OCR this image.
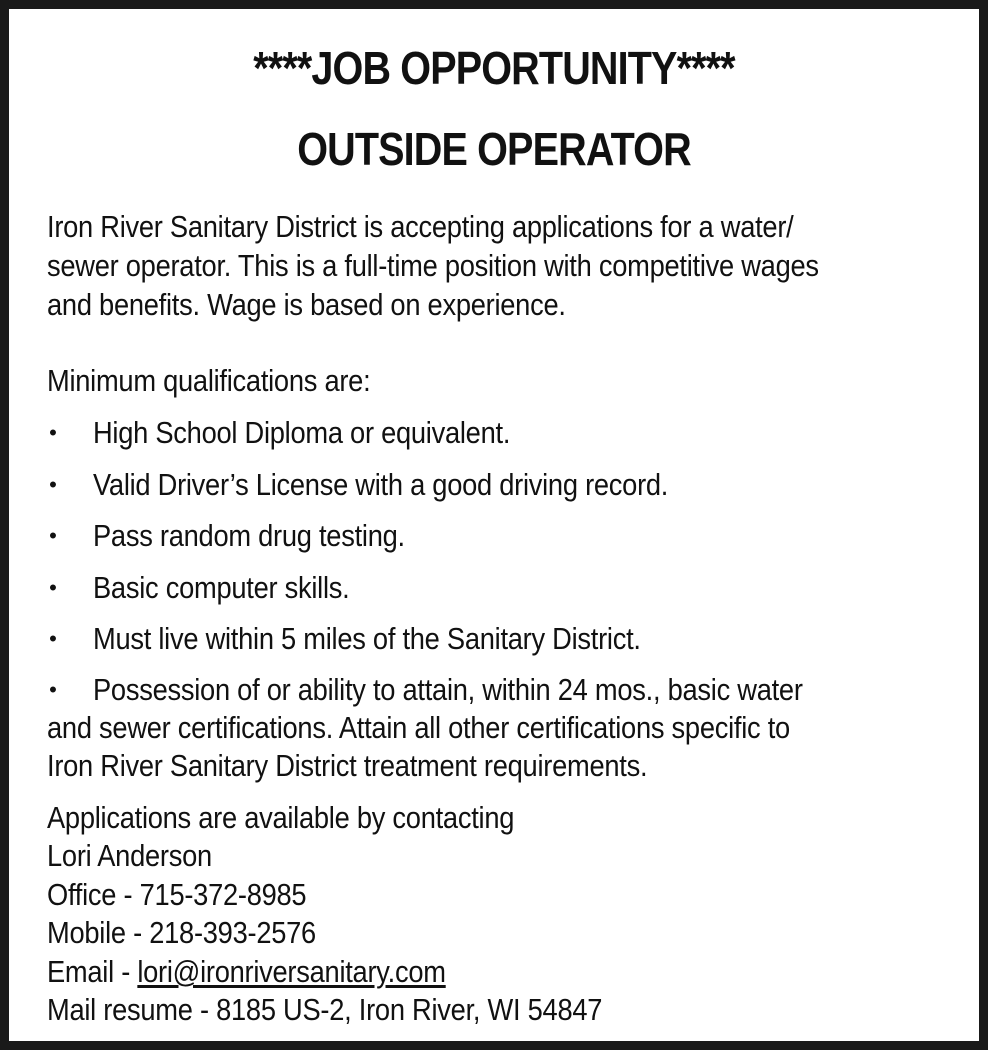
****JOB OPPORTUNITY****
OUTSIDE OPERATOR
Iron River Sanitary District is accepting applications for a water/
sewer operator. This is a full-time position with competitive wages
and benefits. Wage is based on experience.
Minimum qualifications are:
• High School Diploma or equivalent.
• Valid Driver’s License with a good driving record.
• Pass random drug testing.
• Basic computer skills.
• Must live within 5 miles of the Sanitary District.
• Possession of or ability to attain, within 24 mos., basic water
and sewer certifications. Attain all other certifications specific to
Iron River Sanitary District treatment requirements.
Applications are available by contacting
Lori Anderson
Office - 715-372-8985
Mobile - 218-393-2576
Email - lori@ironriversanitary.com
Mail resume - 8185 US-2, Iron River, WI 54847
